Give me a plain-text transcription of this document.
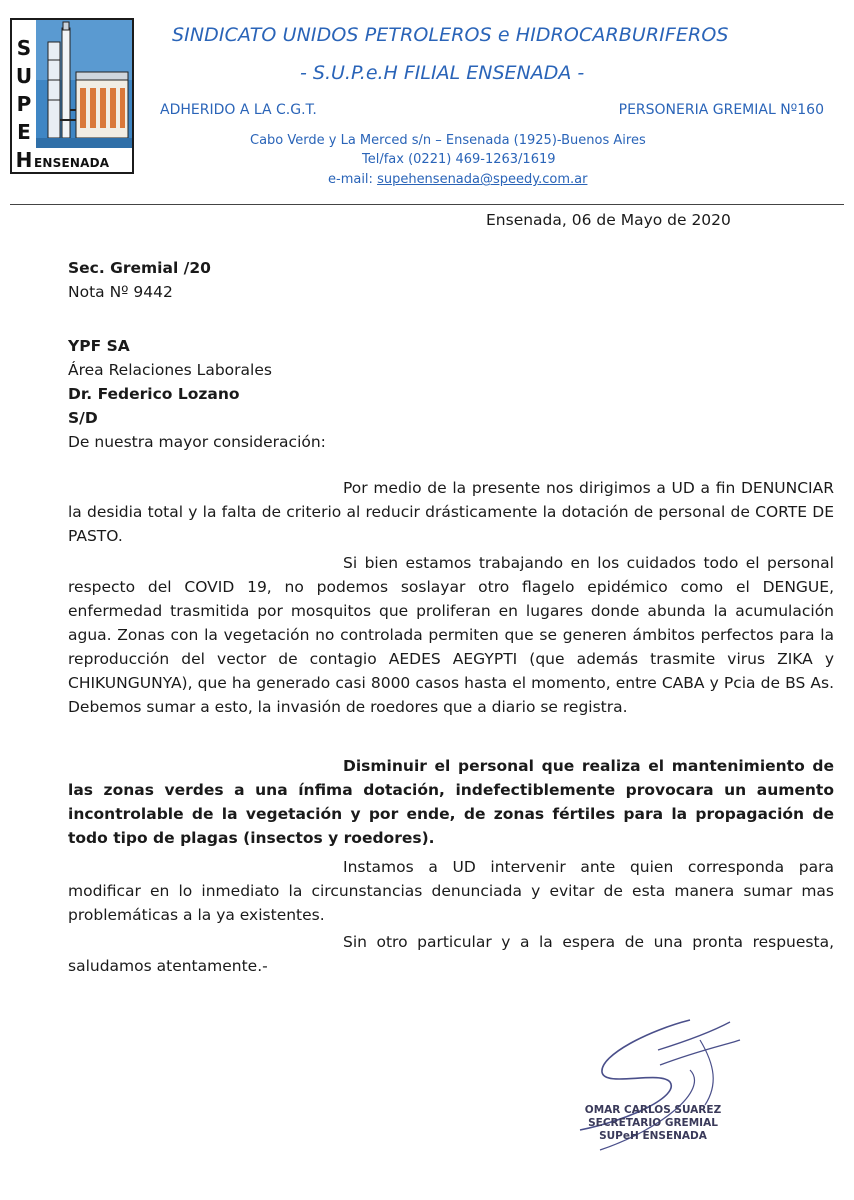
S
U
P
E
H ENSENADA
SINDICATO UNIDOS PETROLEROS e HIDROCARBURIFEROS
- S.U.P.e.H FILIAL ENSENADA -
ADHERIDO A LA C.G.T.	PERSONERIA GREMIAL Nº160
Cabo Verde y La Merced s/n – Ensenada (1925)-Buenos Aires
Tel/fax (0221) 469-1263/1619
e-mail: supehensenada@speedy.com.ar
Ensenada, 06 de Mayo de 2020
Sec. Gremial /20
Nota Nº 9442
YPF SA
Área Relaciones Laborales
Dr. Federico Lozano
S/D
De nuestra mayor consideración:

Por medio de la presente nos dirigimos a UD a fin DENUNCIAR la desidia total y la falta de criterio al reducir drásticamente la dotación de personal de CORTE DE PASTO.

Si bien estamos trabajando en los cuidados todo el personal respecto del COVID 19, no podemos soslayar otro flagelo epidémico como el DENGUE, enfermedad trasmitida por mosquitos que proliferan en lugares donde abunda la acumulación agua. Zonas con la vegetación no controlada permiten que se generen ámbitos perfectos para la reproducción del vector de contagio AEDES AEGYPTI (que además trasmite virus ZIKA y CHIKUNGUNYA), que ha generado casi 8000 casos hasta el momento, entre CABA y Pcia de BS As. Debemos sumar a esto, la invasión de roedores que a diario se registra.

Disminuir el personal que realiza el mantenimiento de las zonas verdes a una ínfima dotación, indefectiblemente provocara un aumento incontrolable de la vegetación y por ende, de zonas fértiles para la propagación de todo tipo de plagas (insectos y roedores).

Instamos a UD intervenir ante quien corresponda para modificar en lo inmediato la circunstancias denunciada y evitar de esta manera sumar mas problemáticas a la ya existentes.

Sin otro particular y a la espera de una pronta respuesta, saludamos atentamente.-

OMAR CARLOS SUAREZ
SECRETARIO GREMIAL
SUPeH ENSENADA
